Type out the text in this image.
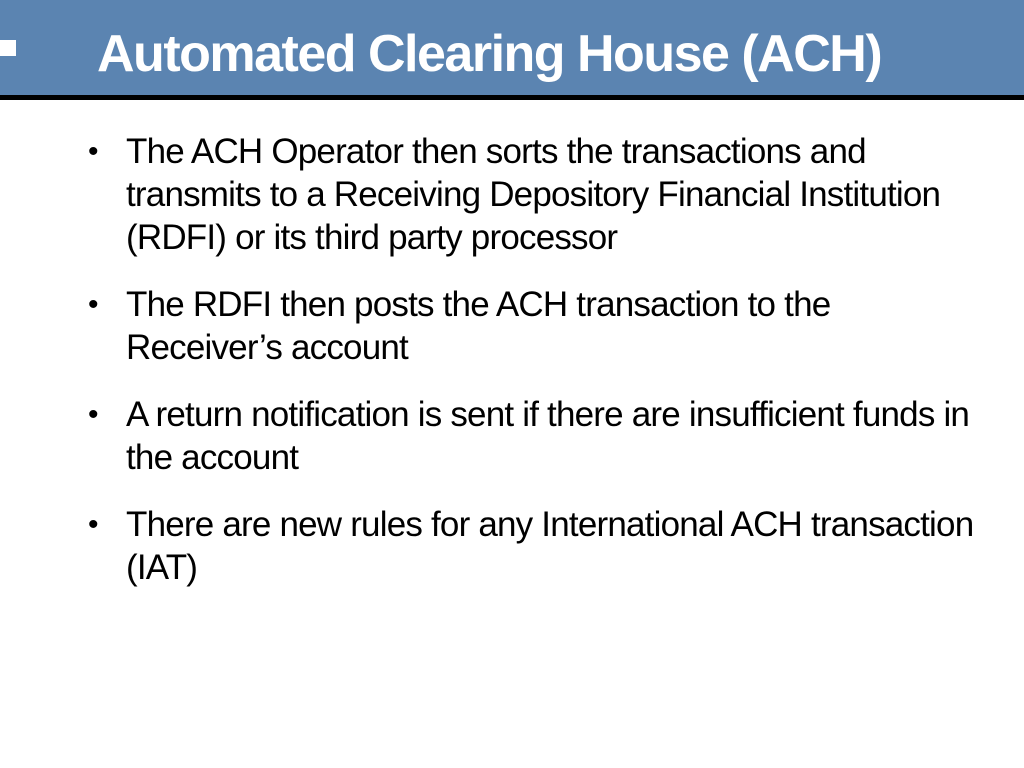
Automated Clearing House (ACH)
• The ACH Operator then sorts the transactions and transmits to a Receiving Depository Financial Institution (RDFI) or its third party processor
• The RDFI then posts the ACH transaction to the Receiver’s account
• A return notification is sent if there are insufficient funds in the account
• There are new rules for any International ACH transaction (IAT)
